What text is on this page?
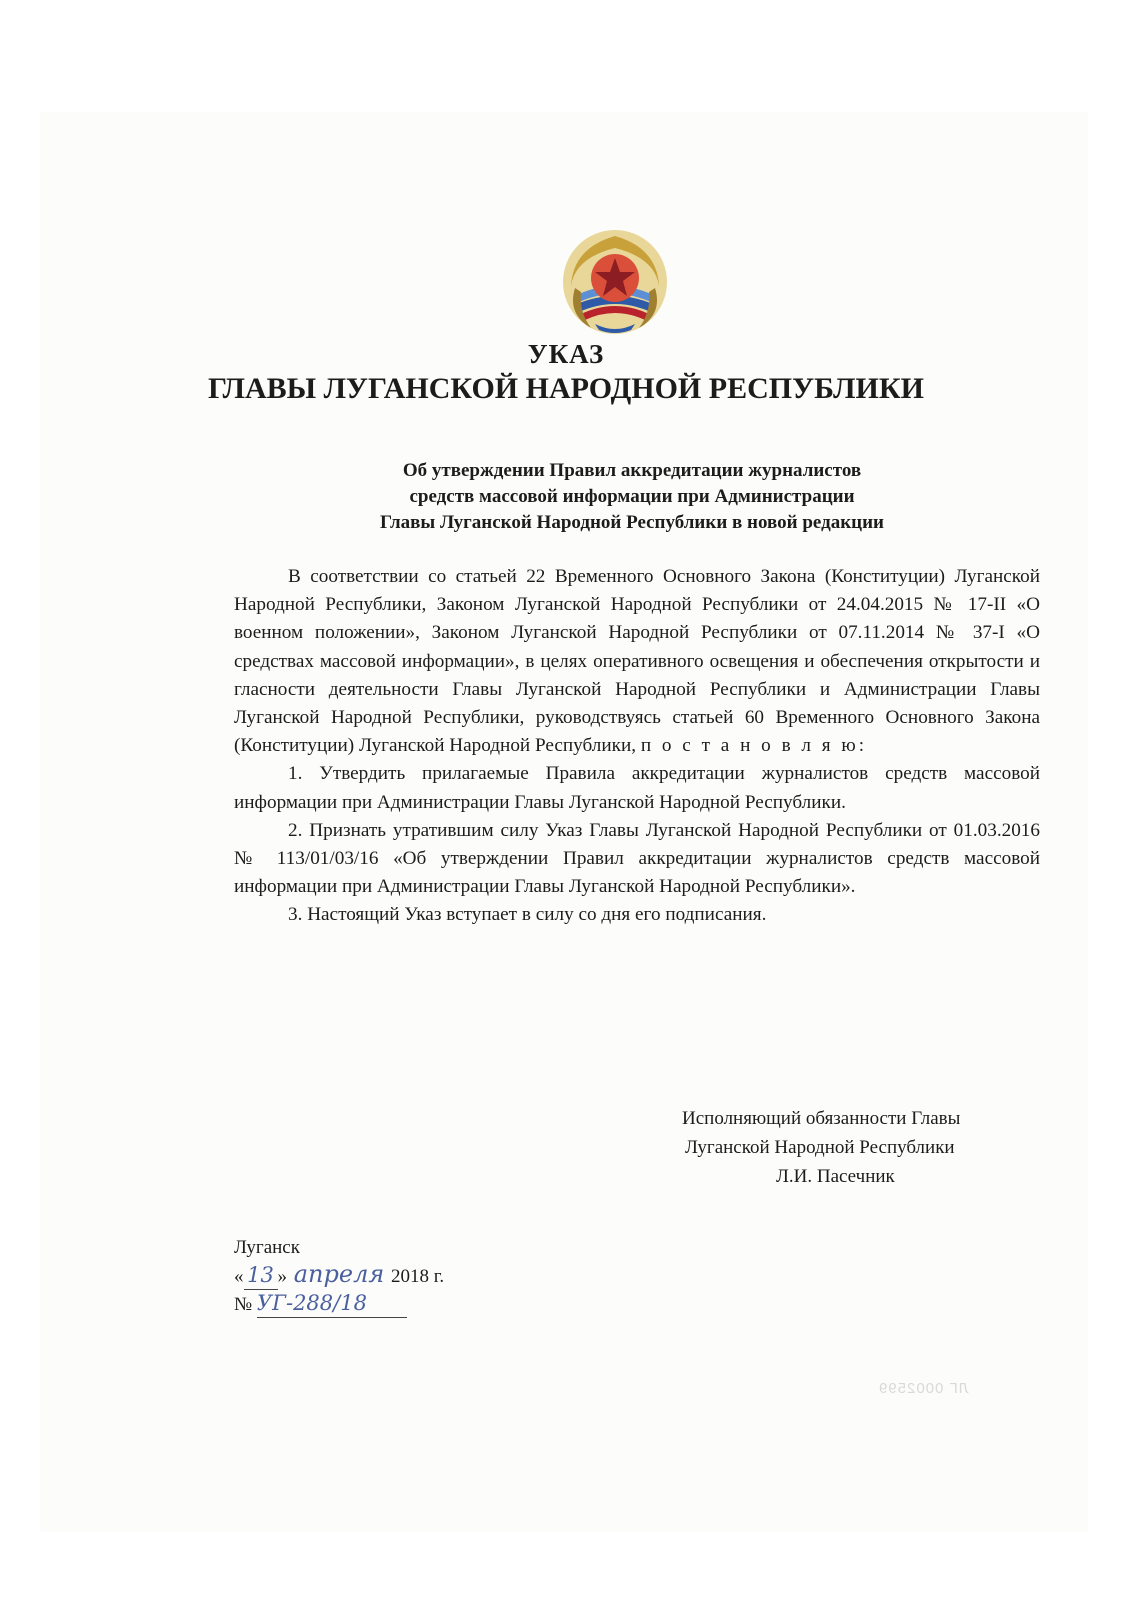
УКАЗ
ГЛАВЫ ЛУГАНСКОЙ НАРОДНОЙ РЕСПУБЛИКИ
Об утверждении Правил аккредитации журналистов
средств массовой информации при Администрации
Главы Луганской Народной Республики в новой редакции

В соответствии со статьей 22 Временного Основного Закона (Конституции) Луганской Народной Республики, Законом Луганской Народной Республики от 24.04.2015 № 17-II «О военном положении», Законом Луганской Народной Республики от 07.11.2014 № 37-I «О средствах массовой информации», в целях оперативного освещения и обеспечения открытости и гласности деятельности Главы Луганской Народной Республики и Администрации Главы Луганской Народной Республики, руководствуясь статьей 60 Временного Основного Закона (Конституции) Луганской Народной Республики, п о с т а н о в л я ю:

1. Утвердить прилагаемые Правила аккредитации журналистов средств массовой информации при Администрации Главы Луганской Народной Республики.

2. Признать утратившим силу Указ Главы Луганской Народной Республики от 01.03.2016 № 113/01/03/16 «Об утверждении Правил аккредитации журналистов средств массовой информации при Администрации Главы Луганской Народной Республики».

3. Настоящий Указ вступает в силу со дня его подписания.

Исполняющий обязанности Главы
Луганской Народной Республики
Л.И. Пасечник
Луганск
« 13 » апреля 2018 г.
№ УГ-288/18
ЛГ 0002599
